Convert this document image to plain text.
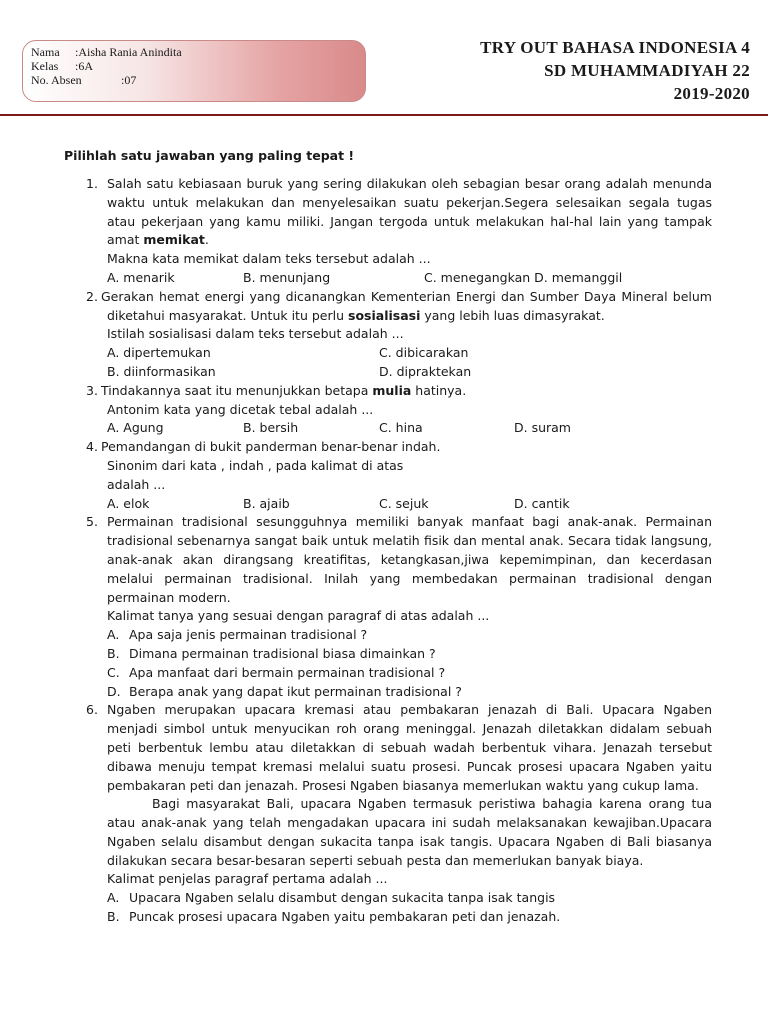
Nama :Aisha Rania Anindita
Kelas :6A
No. Absen	:07
TRY OUT BAHASA INDONESIA 4
SD MUHAMMADIYAH 22
2019-2020
Pilihlah satu jawaban yang paling tepat !

1. Salah satu kebiasaan buruk yang sering dilakukan oleh sebagian besar orang adalah menunda waktu untuk melakukan dan menyelesaikan suatu pekerjan.Segera selesaikan segala tugas atau pekerjaan yang kamu miliki. Jangan tergoda untuk melakukan hal-hal lain yang tampak amat memikat.

Makna kata memikat dalam teks tersebut adalah ...

A. menarik	B. menunjang	C. menegangkan D. memanggil

2. Gerakan hemat energi yang dicanangkan Kementerian Energi dan Sumber Daya Mineral belum diketahui masyarakat. Untuk itu perlu sosialisasi yang lebih luas dimasyrakat.

Istilah sosialisasi dalam teks tersebut adalah ...

A. dipertemukan	C. dibicarakan
B. diinformasikan	D. dipraktekan

3. Tindakannya saat itu menunjukkan betapa mulia hatinya.

Antonim kata yang dicetak tebal adalah ...

A. Agung	B. bersih	C. hina	D. suram

4. Pemandangan di bukit panderman benar-benar indah.

Sinonim dari kata , indah , pada kalimat di atas

adalah ...

A. elok	B. ajaib	C. sejuk	D. cantik

5. Permainan tradisional sesungguhnya memiliki banyak manfaat bagi anak-anak. Permainan tradisional sebenarnya sangat baik untuk melatih fisik dan mental anak. Secara tidak langsung, anak-anak akan dirangsang kreatifitas, ketangkasan,jiwa kepemimpinan, dan kecerdasan melalui permainan tradisional. Inilah yang membedakan permainan tradisional dengan permainan modern.

Kalimat tanya yang sesuai dengan paragraf di atas adalah ...

A. Apa saja jenis permainan tradisional ?

B. Dimana permainan tradisional biasa dimainkan ?

C. Apa manfaat dari bermain permainan tradisional ?

D. Berapa anak yang dapat ikut permainan tradisional ?

6. Ngaben merupakan upacara kremasi atau pembakaran jenazah di Bali. Upacara Ngaben menjadi simbol untuk menyucikan roh orang meninggal. Jenazah diletakkan didalam sebuah peti berbentuk lembu atau diletakkan di sebuah wadah berbentuk vihara. Jenazah tersebut dibawa menuju tempat kremasi melalui suatu prosesi. Puncak prosesi upacara Ngaben yaitu pembakaran peti dan jenazah. Prosesi Ngaben biasanya memerlukan waktu yang cukup lama.

Bagi masyarakat Bali, upacara Ngaben termasuk peristiwa bahagia karena orang tua atau anak-anak yang telah mengadakan upacara ini sudah melaksanakan kewajiban.Upacara Ngaben selalu disambut dengan sukacita tanpa isak tangis. Upacara Ngaben di Bali biasanya dilakukan secara besar-besaran seperti sebuah pesta dan memerlukan banyak biaya.

Kalimat penjelas paragraf pertama adalah ...

A. Upacara Ngaben selalu disambut dengan sukacita tanpa isak tangis

B. Puncak prosesi upacara Ngaben yaitu pembakaran peti dan jenazah.
